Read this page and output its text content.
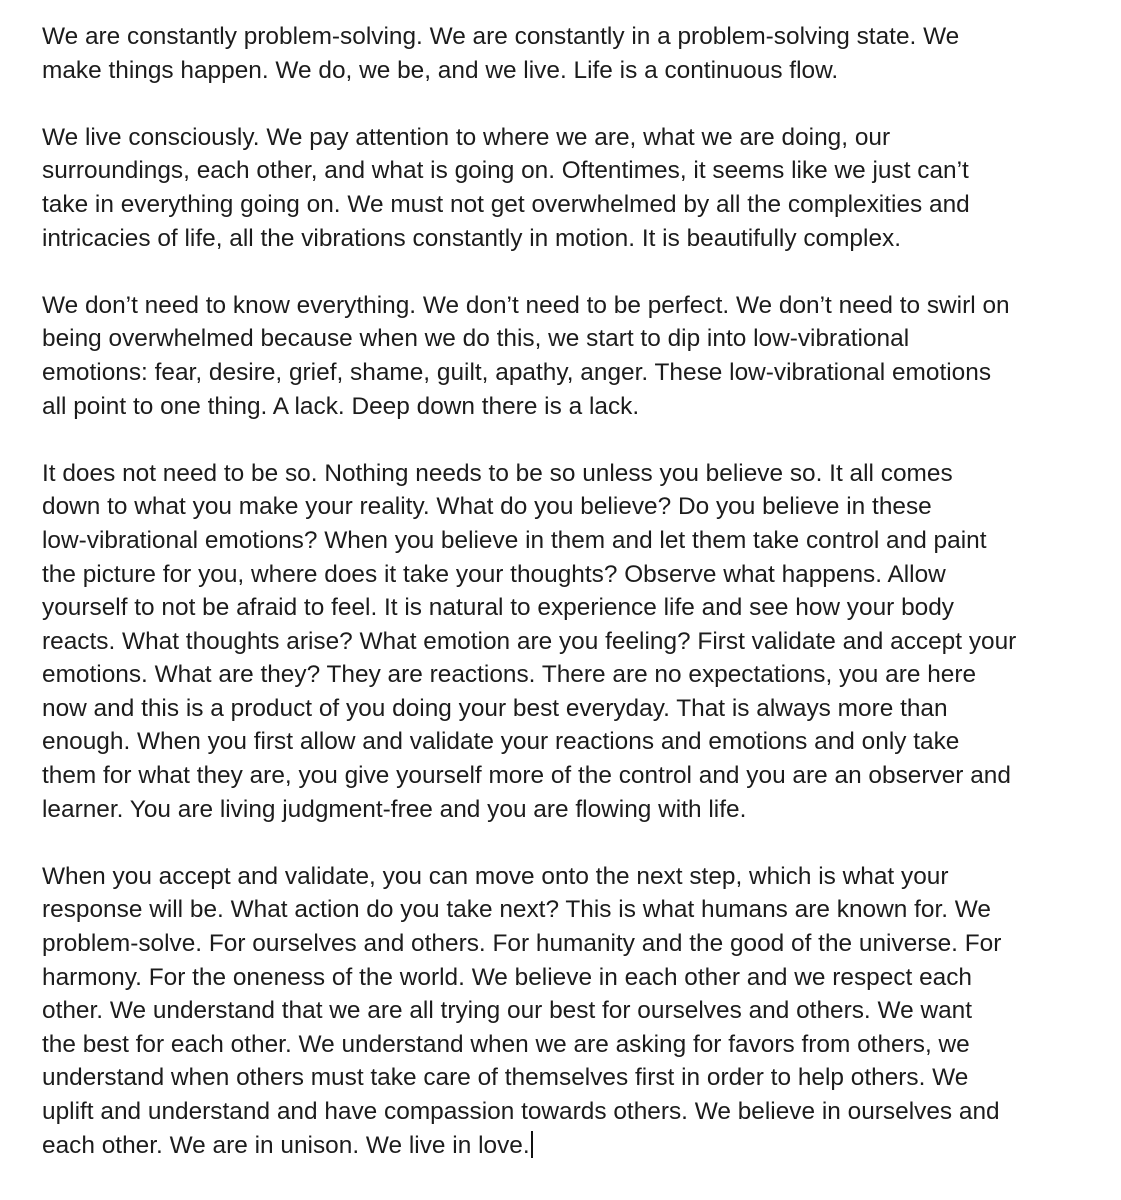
We are constantly problem-solving. We are constantly in a problem-solving state. We
make things happen. We do, we be, and we live. Life is a continuous flow.

We live consciously. We pay attention to where we are, what we are doing, our
surroundings, each other, and what is going on. Oftentimes, it seems like we just can’t
take in everything going on. We must not get overwhelmed by all the complexities and
intricacies of life, all the vibrations constantly in motion. It is beautifully complex.

We don’t need to know everything. We don’t need to be perfect. We don’t need to swirl on
being overwhelmed because when we do this, we start to dip into low-vibrational
emotions: fear, desire, grief, shame, guilt, apathy, anger. These low-vibrational emotions
all point to one thing. A lack. Deep down there is a lack.

It does not need to be so. Nothing needs to be so unless you believe so. It all comes
down to what you make your reality. What do you believe? Do you believe in these
low-vibrational emotions? When you believe in them and let them take control and paint
the picture for you, where does it take your thoughts? Observe what happens. Allow
yourself to not be afraid to feel. It is natural to experience life and see how your body
reacts. What thoughts arise? What emotion are you feeling? First validate and accept your
emotions. What are they? They are reactions. There are no expectations, you are here
now and this is a product of you doing your best everyday. That is always more than
enough. When you first allow and validate your reactions and emotions and only take
them for what they are, you give yourself more of the control and you are an observer and
learner. You are living judgment-free and you are flowing with life.

When you accept and validate, you can move onto the next step, which is what your
response will be. What action do you take next? This is what humans are known for. We
problem-solve. For ourselves and others. For humanity and the good of the universe. For
harmony. For the oneness of the world. We believe in each other and we respect each
other. We understand that we are all trying our best for ourselves and others. We want
the best for each other. We understand when we are asking for favors from others, we
understand when others must take care of themselves first in order to help others. We
uplift and understand and have compassion towards others. We believe in ourselves and
each other. We are in unison. We live in love.
